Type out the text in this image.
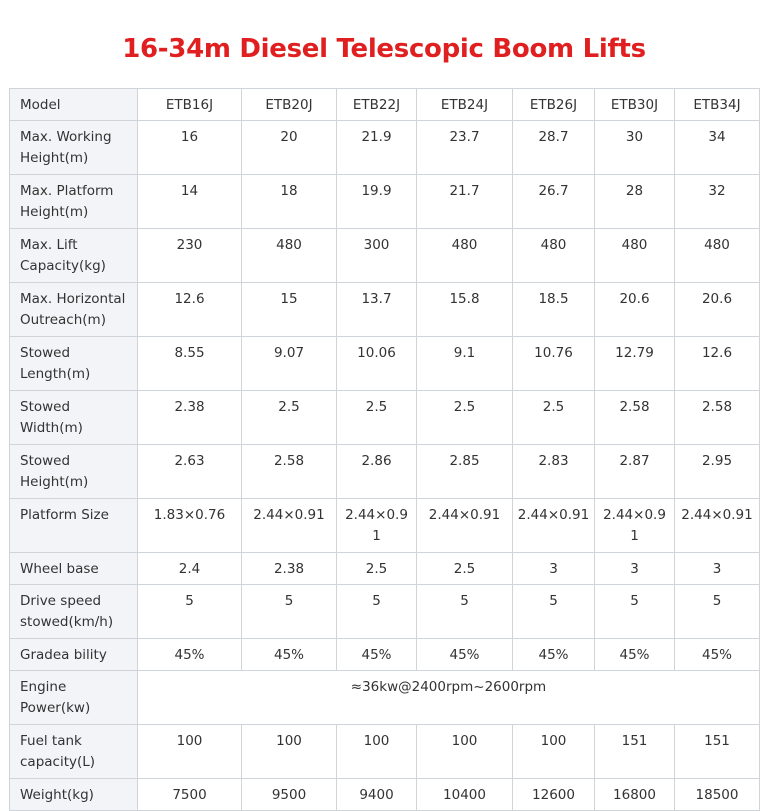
16-34m Diesel Telescopic Boom Lifts
Model	ETB16J	ETB20J	ETB22J	ETB24J	ETB26J	ETB30J	ETB34J
Max. Working Height(m)	16	20	21.9	23.7	28.7	30	34
Max. Platform Height(m)	14	18	19.9	21.7	26.7	28	32
Max. Lift Capacity(kg)	230	480	300	480	480	480	480
Max. Horizontal Outreach(m)	12.6	15	13.7	15.8	18.5	20.6	20.6
Stowed Length(m)	8.55	9.07	10.06	9.1	10.76	12.79	12.6
Stowed Width(m)	2.38	2.5	2.5	2.5	2.5	2.58	2.58
Stowed Height(m)	2.63	2.58	2.86	2.85	2.83	2.87	2.95
Platform Size	1.83×0.76	2.44×0.91	2.44×0.91	2.44×0.91	2.44×0.91	2.44×0.91	2.44×0.91
Wheel base	2.4	2.38	2.5	2.5	3	3	3
Drive speed stowed(km/h)	5	5	5	5	5	5	5
Gradea bility	45%	45%	45%	45%	45%	45%	45%
Engine Power(kw)	≈36kw@2400rpm~2600rpm						
Fuel tank capacity(L)	100	100	100	100	100	151	151
Weight(kg)	7500	9500	9400	10400	12600	16800	18500
